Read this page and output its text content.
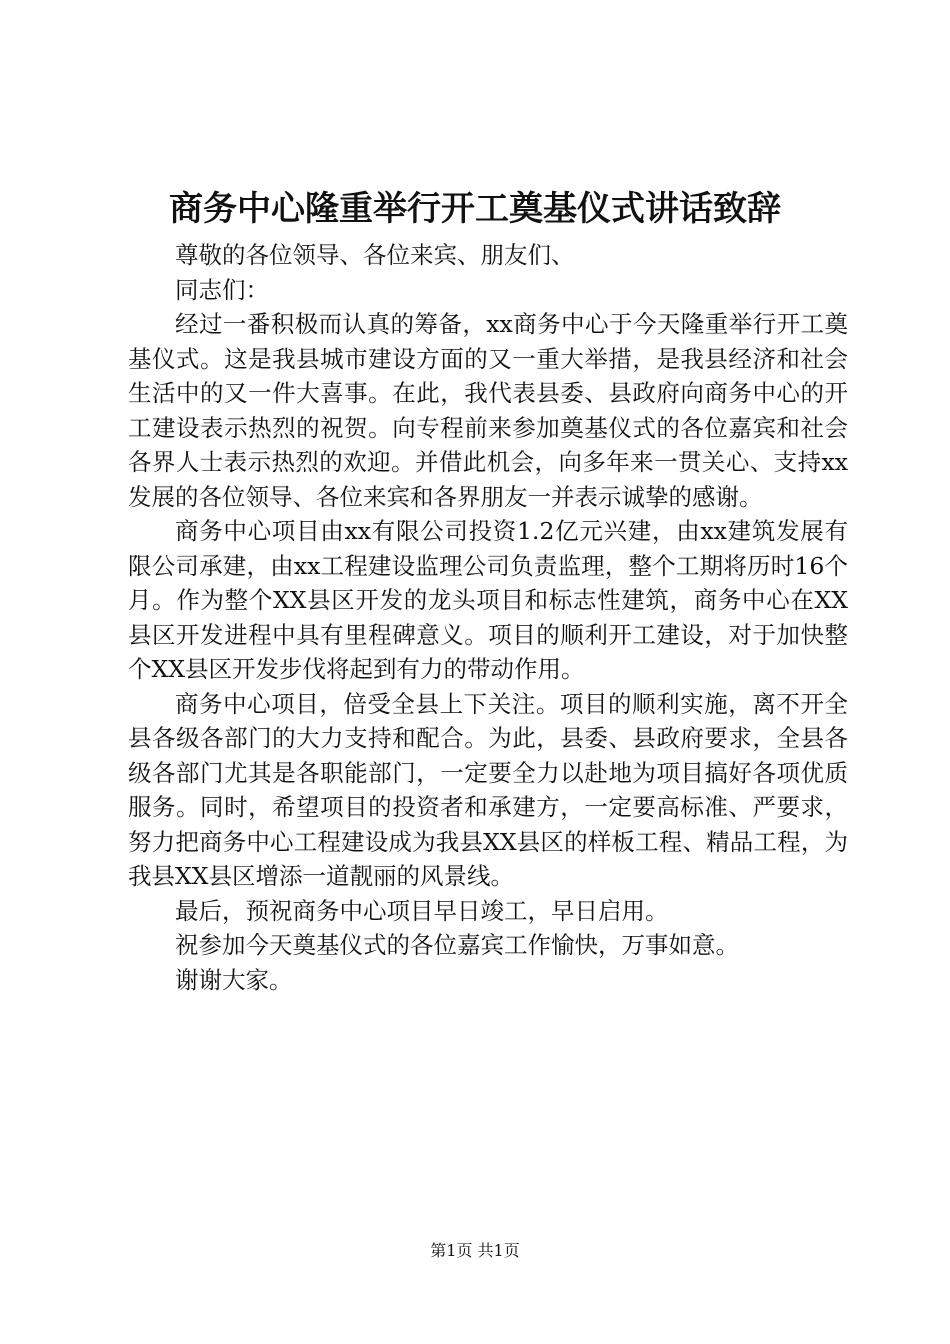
商务中心隆重举行开工奠基仪式讲话致辞

尊敬的各位领导、各位来宾、朋友们、

同志们：

经过一番积极而认真的筹备，xx商务中心于今天隆重举行开工奠基仪式。这是我县城市建设方面的又一重大举措，是我县经济和社会生活中的又一件大喜事。在此，我代表县委、县政府向商务中心的开工建设表示热烈的祝贺。向专程前来参加奠基仪式的各位嘉宾和社会各界人士表示热烈的欢迎。并借此机会，向多年来一贯关心、支持xx发展的各位领导、各位来宾和各界朋友一并表示诚挚的感谢。

商务中心项目由xx有限公司投资1.2亿元兴建，由xx建筑发展有限公司承建，由xx工程建设监理公司负责监理，整个工期将历时16个月。作为整个XX县区开发的龙头项目和标志性建筑，商务中心在XX县区开发进程中具有里程碑意义。项目的顺利开工建设，对于加快整个XX县区开发步伐将起到有力的带动作用。

商务中心项目，倍受全县上下关注。项目的顺利实施，离不开全县各级各部门的大力支持和配合。为此，县委、县政府要求，全县各级各部门尤其是各职能部门，一定要全力以赴地为项目搞好各项优质服务。同时，希望项目的投资者和承建方，一定要高标准、严要求，努力把商务中心工程建设成为我县XX县区的样板工程、精品工程，为我县XX县区增添一道靓丽的风景线。

最后，预祝商务中心项目早日竣工，早日启用。

祝参加今天奠基仪式的各位嘉宾工作愉快，万事如意。

谢谢大家。

第1页 共1页
